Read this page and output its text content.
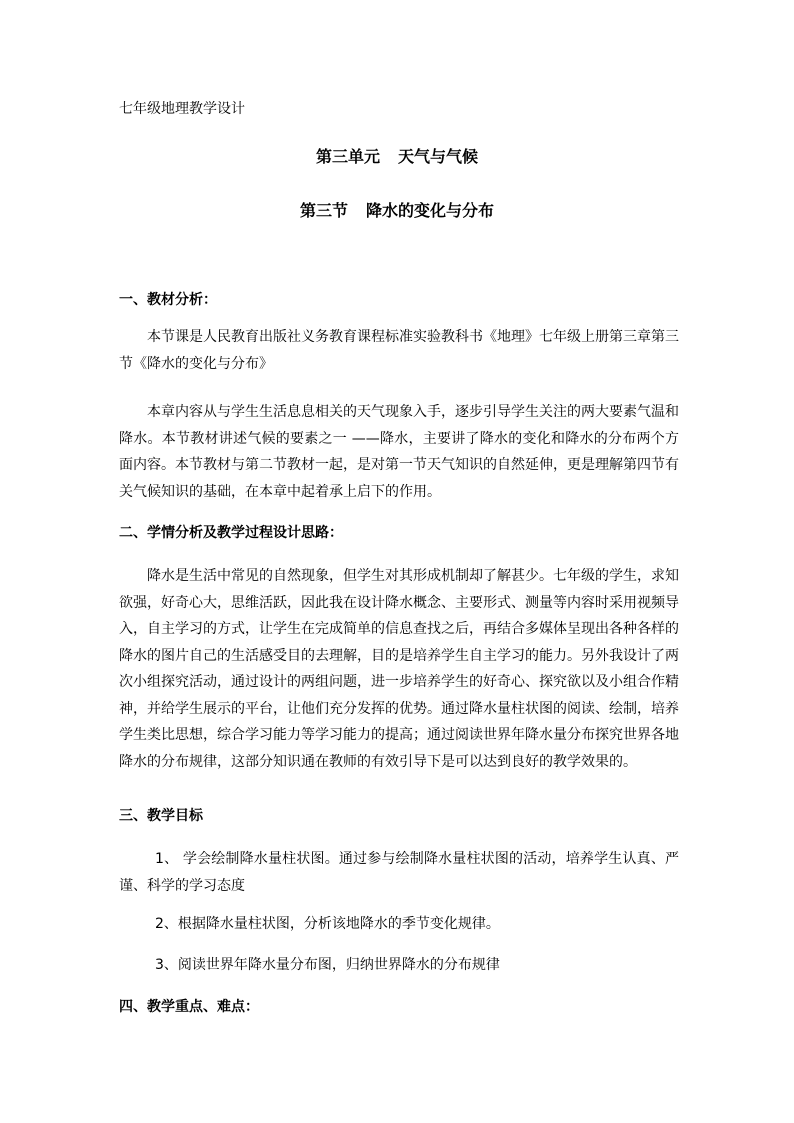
七年级地理教学设计
第三单元 天气与气候
第三节 降水的变化与分布
一、教材分析：

本节课是人民教育出版社义务教育课程标准实验教科书《地理》七年级上册第三章第三节《降水的变化与分布》

本章内容从与学生生活息息相关的天气现象入手，逐步引导学生关注的两大要素气温和降水。本节教材讲述气候的要素之一 ——降水，主要讲了降水的变化和降水的分布两个方面内容。本节教材与第二节教材一起，是对第一节天气知识的自然延伸，更是理解第四节有关气候知识的基础，在本章中起着承上启下的作用。

二、学情分析及教学过程设计思路：

降水是生活中常见的自然现象，但学生对其形成机制却了解甚少。七年级的学生，求知欲强，好奇心大，思维活跃，因此我在设计降水概念、主要形式、测量等内容时采用视频导入，自主学习的方式，让学生在完成简单的信息查找之后，再结合多媒体呈现出各种各样的降水的图片自己的生活感受目的去理解，目的是培养学生自主学习的能力。另外我设计了两次小组探究活动，通过设计的两组问题，进一步培养学生的好奇心、探究欲以及小组合作精神，并给学生展示的平台，让他们充分发挥的优势。通过降水量柱状图的阅读、绘制，培养学生类比思想，综合学习能力等学习能力的提高；通过阅读世界年降水量分布探究世界各地降水的分布规律，这部分知识通在教师的有效引导下是可以达到良好的教学效果的。

三、教学目标

1、 学会绘制降水量柱状图。通过参与绘制降水量柱状图的活动，培养学生认真、严谨、科学的学习态度

2、根据降水量柱状图，分析该地降水的季节变化规律。

3、阅读世界年降水量分布图，归纳世界降水的分布规律

四、教学重点、难点：
